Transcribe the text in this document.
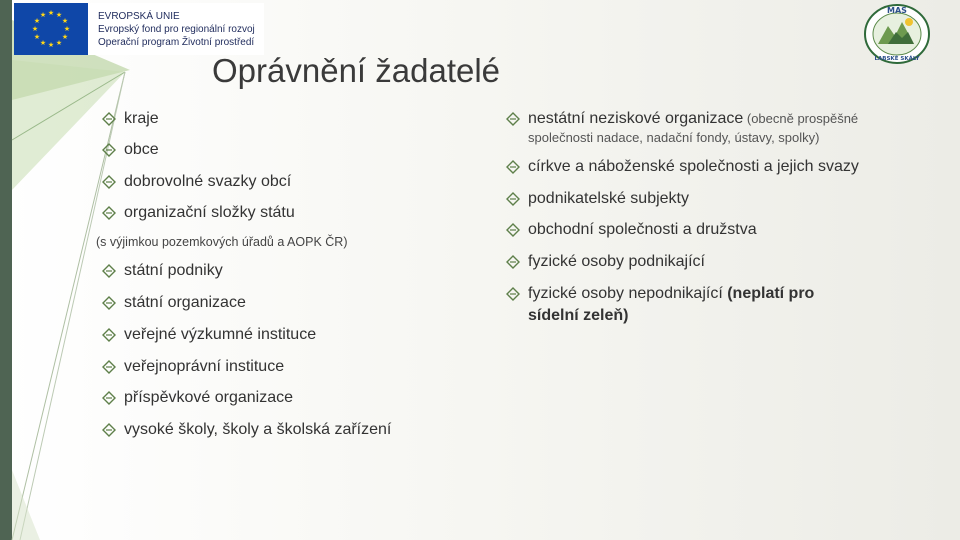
★ ★
★
★
★
★
★
★
★
★
★
★	EVROPSKÁ UNIE
Evropský fond pro regionální rozvoj
Operační program Životní prostředí
MAS
LABSKÉ SKÁLY
Oprávnění žadatelé
kraje
obce
dobrovolné svazky obcí
organizační složky státu
státní podniky
státní organizace
veřejné výzkumné instituce
veřejnoprávní instituce
příspěvkové organizace
vysoké školy, školy a školská zařízení
(s výjimkou pozemkových úřadů a AOPK ČR)
nestátní neziskové organizace (obecně prospěšné
společnosti nadace, nadační fondy, ústavy, spolky)
církve a náboženské společnosti a jejich svazy
podnikatelské subjekty
obchodní společnosti a družstva
fyzické osoby podnikající
fyzické osoby nepodnikající (neplatí pro
sídelní zeleň)
